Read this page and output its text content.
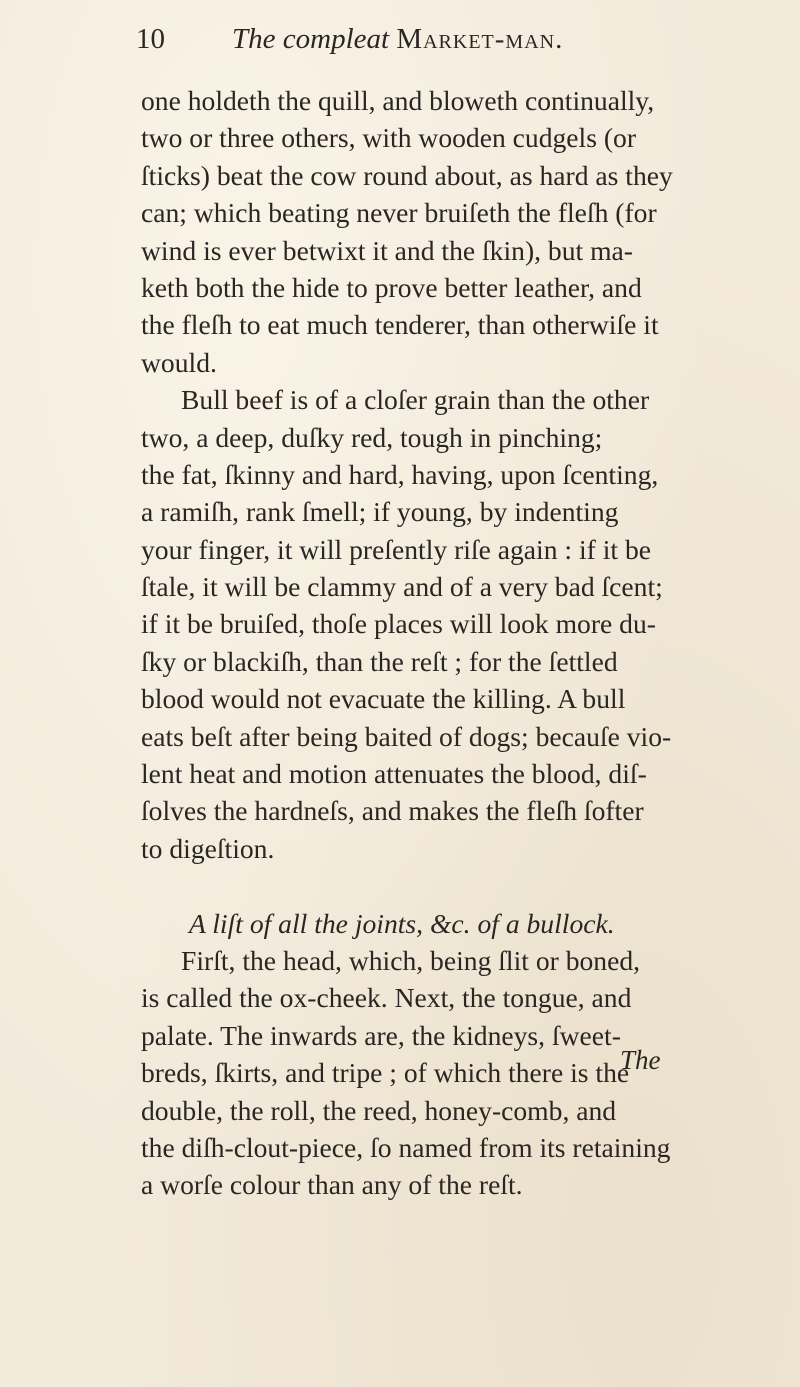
10 The compleat Market-man.
one holdeth the quill, and bloweth continually,
two or three others, with wooden cudgels (or
ſticks) beat the cow round about, as hard as they
can; which beating never bruiſeth the fleſh (for
wind is ever betwixt it and the ſkin), but ma-
keth both the hide to prove better leather, and
the fleſh to eat much tenderer, than otherwiſe it
would.
Bull beef is of a cloſer grain than the other
two, a deep, duſky red, tough in pinching;
the fat, ſkinny and hard, having, upon ſcenting,
a ramiſh, rank ſmell; if young, by indenting
your finger, it will preſently riſe again : if it be
ſtale, it will be clammy and of a very bad ſcent;
if it be bruiſed, thoſe places will look more du-
ſky or blackiſh, than the reſt ; for the ſettled
blood would not evacuate the killing. A bull
eats beſt after being baited of dogs; becauſe vio-
lent heat and motion attenuates the blood, diſ-
ſolves the hardneſs, and makes the fleſh ſofter
to digeſtion.
A liſt of all the joints, &c. of a bullock.
Firſt, the head, which, being ſlit or boned,
is called the ox-cheek. Next, the tongue, and
palate. The inwards are, the kidneys, ſweet-
breds, ſkirts, and tripe ; of which there is the
double, the roll, the reed, honey-comb, and
the diſh-clout-piece, ſo named from its retaining
a worſe colour than any of the reſt.
The
